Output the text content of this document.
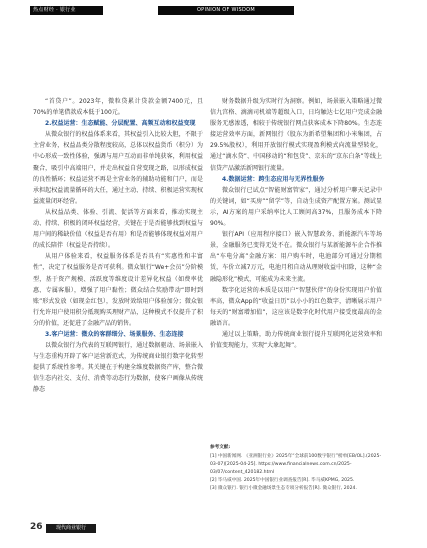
热点财经 · 银行业	OPINION OF WISDOM
OPINION OF WISDOM

“首贷户”。2023年，微粒贷累计贷款金额7400元，且70%的单笔借款成本低于100元。

2.权益运营：生态赋能、分层配置、高频互动和权益变现

从微众银行的权益体系来看，其权益引入比较大胆，不限于主营业务，权益品类分散程度较高，总体以权益货币（积分）为中心形成一致性体验，强调与用户互动而非单纯获客，利用权益聚合，吸引中高端用户，并走出权益自营变现之路，以形成权益的良性循环；权益运营不再是主营业务的辅助功能和门户，而是承担起权益流量循环的大任，通过主动、持续、积极运营实现权益流量闭环经营。

从权益品类、体验、引流、促活等方面来看，推动实现主动、持续、积极的闭环权益经营，关键在于是否能够找到权益与用户间的稀缺价值（权益是否有用）和是否能够体现权益对用户的成长陪伴（权益是否持续）。

从用户体验来看，权益服务体系是否具有“实惠性和丰富性”，决定了权益服务是否可获利。微众银行“We+会员”分阶模型，基于资产规模、活跃度等维度设计差异化权益（如费率优惠、专属客服），增强了用户黏性；微众结合奖励带动“即时到账”形式发放（如现金红包），发放时效给用户体验加分；微众银行允许用户使用积分抵现购买理财产品，这种模式不仅提升了积分的价值，还促进了金融产品的销售。

3.客户运营：微众的客群细分、场景服务、生态连接

以微众银行为代表的互联网银行，通过数据驱动、场景嵌入与生态重构开辟了客户运营新范式，为传统商业银行数字化转型提供了系统性参考。其关键在于构建全维度数据资产库，整合微信生态内社交、支付、消费等动态行为数据，使客户画像从传统静态

财务数据升级为实时行为洞察。例如，场景嵌入策略通过微信九宫格、滴滴司机端等超级入口，日均触达七亿用户完成金融服务无感渗透，相较于传统银行网点获客成本下降80%。生态连接运营效率方面，新网银行（股东为新希望集团和小米集团，占29.5%股权），利用开放银行模式实现盈利模式向流量型转化，通过“滴水贷”、中国移动的“和包贷”、京东的“京东白条”等线上信贷产品激活新网银行流量。

4.数据运营：跨生态应用与无界性服务

微众银行已试点“智能财富管家”，通过分析用户聊天记录中的关键词，如“买房”“留学”等，自动生成资产配置方案。测试显示，AI方案的用户采纳率比人工顾问高37%，且服务成本下降90%。

银行API（应用程序接口）嵌入智慧政务、新能源汽车等场景，金融服务已变得无处不在。微众银行与某新能源车企合作推出“车电分离”金融方案：用户购车时，电池部分可通过分期租赁，车价立减7万元，电池月租自动从理财收益中扣除，这种“金融隐形化”模式，可能成为未来主流。

数字化运营的本质是以用户“智慧伙伴”的身份实现用户价值率高，微众App的“收益日历”以小小的红色数字，清晰展示用户每天的“财富增加值”，这应该是数字化时代用户接受度最高的金融语言。

通过以上策略，助力传统商业银行提升互联网化运营效率和价值变现能力，实现“大象起舞”。

参考文献:
[1] 中国新闻网. 《亚洲银行业》2025年“全球前100数字银行”榜单[EB/OL].(2025-03-07)[2025-04-25]. https://www.financialnews.com.cn/2025-03/07/content_420182.html
[2] 毕马威中国. 2025年中国银行业调查报告[R]. 毕马威KPMG, 2025.
[3] 微众银行. 银行小微金融场景生态专项分析报告[R]. 微众银行, 2024.
26	现代商业银行
